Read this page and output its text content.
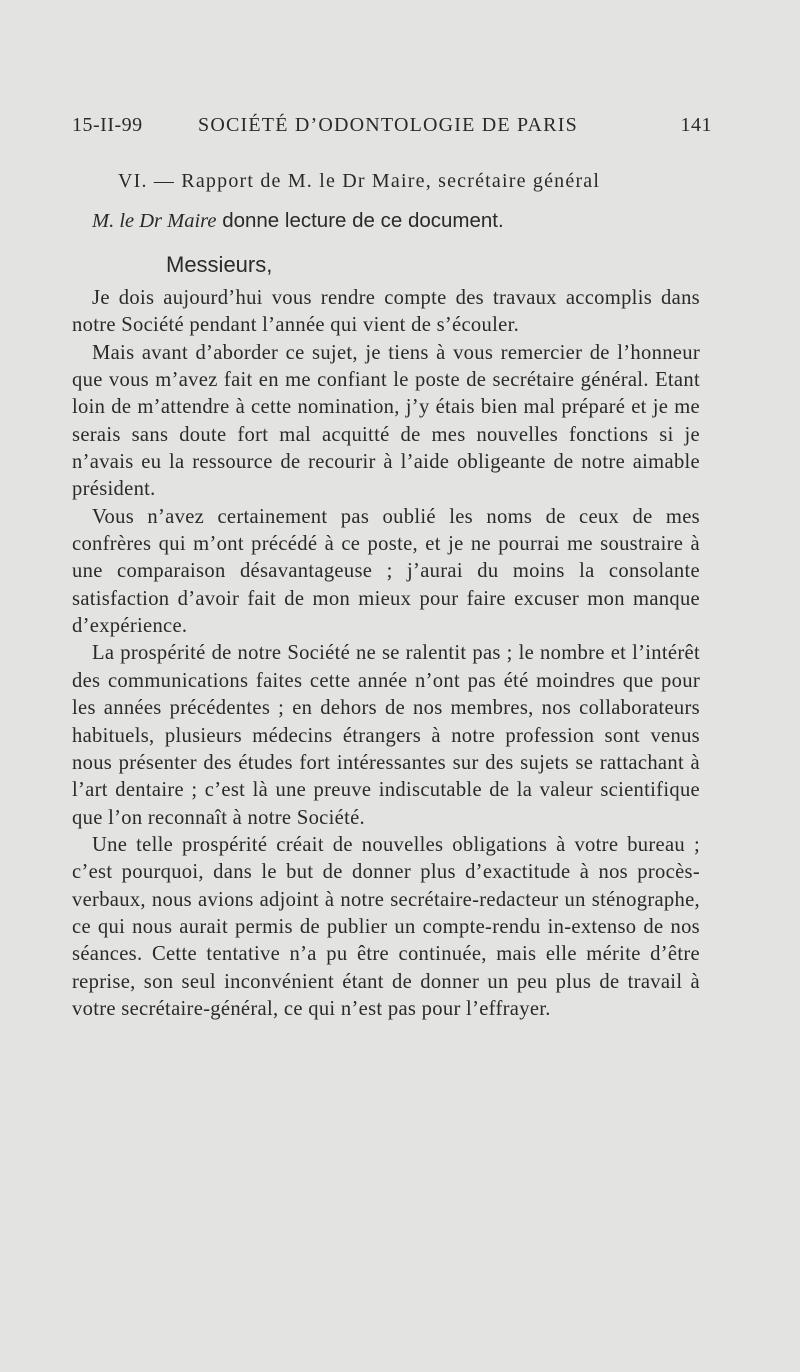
15-II-99	SOCIÉTÉ D’ODONTOLOGIE DE PARIS	141
VI. — Rapport de M. le Dr Maire, secrétaire général
M. le Dr Maire donne lecture de ce document.
Messieurs,

Je dois aujourd’hui vous rendre compte des travaux accomplis dans notre Société pendant l’année qui vient de s’écouler.

Mais avant d’aborder ce sujet, je tiens à vous remercier de l’honneur que vous m’avez fait en me confiant le poste de secrétaire général. Etant loin de m’attendre à cette nomination, j’y étais bien mal préparé et je me serais sans doute fort mal acquitté de mes nouvelles fonctions si je n’avais eu la ressource de recourir à l’aide obligeante de notre aimable président.

Vous n’avez certainement pas oublié les noms de ceux de mes confrères qui m’ont précédé à ce poste, et je ne pourrai me soustraire à une comparaison désavantageuse ; j’aurai du moins la consolante satisfaction d’avoir fait de mon mieux pour faire excuser mon manque d’expérience.

La prospérité de notre Société ne se ralentit pas ; le nombre et l’intérêt des communications faites cette année n’ont pas été moindres que pour les années précédentes ; en dehors de nos membres, nos collaborateurs habituels, plusieurs médecins étrangers à notre profession sont venus nous présenter des études fort intéressantes sur des sujets se rattachant à l’art dentaire ; c’est là une preuve indiscutable de la valeur scientifique que l’on reconnaît à notre Société.

Une telle prospérité créait de nouvelles obligations à votre bureau ; c’est pourquoi, dans le but de donner plus d’exactitude à nos procès-verbaux, nous avions adjoint à notre secrétaire-redacteur un sténographe, ce qui nous aurait permis de publier un compte-rendu in-extenso de nos séances. Cette tentative n’a pu être continuée, mais elle mérite d’être reprise, son seul inconvénient étant de donner un peu plus de travail à votre secrétaire-général, ce qui n’est pas pour l’effrayer.
